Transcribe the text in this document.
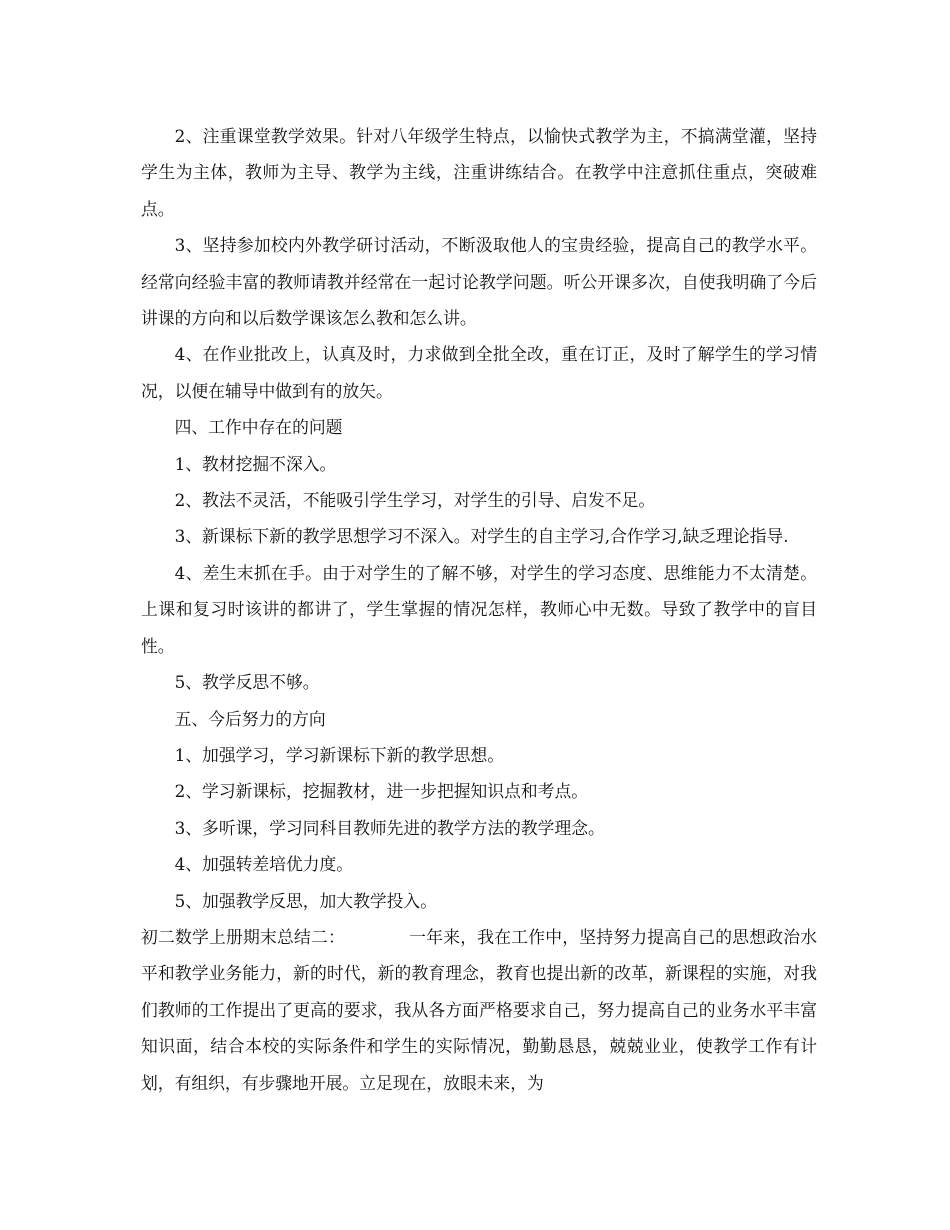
2、注重课堂教学效果。针对八年级学生特点，以愉快式教学为主，不搞满堂灌，坚持学生为主体，教师为主导、教学为主线，注重讲练结合。在教学中注意抓住重点，突破难点。

3、坚持参加校内外教学研讨活动，不断汲取他人的宝贵经验，提高自己的教学水平。经常向经验丰富的教师请教并经常在一起讨论教学问题。听公开课多次，自使我明确了今后讲课的方向和以后数学课该怎么教和怎么讲。

4、在作业批改上，认真及时，力求做到全批全改，重在订正，及时了解学生的学习情况，以便在辅导中做到有的放矢。

四、工作中存在的问题

1、教材挖掘不深入。

2、教法不灵活，不能吸引学生学习，对学生的引导、启发不足。

3、新课标下新的教学思想学习不深入。对学生的自主学习,合作学习,缺乏理论指导.

4、差生末抓在手。由于对学生的了解不够，对学生的学习态度、思维能力不太清楚。上课和复习时该讲的都讲了，学生掌握的情况怎样，教师心中无数。导致了教学中的盲目性。

5、教学反思不够。

五、今后努力的方向

1、加强学习，学习新课标下新的教学思想。

2、学习新课标，挖掘教材，进一步把握知识点和考点。

3、多听课，学习同科目教师先进的教学方法的教学理念。

4、加强转差培优力度。

5、加强教学反思，加大教学投入。

初二数学上册期末总结二：	一年来，我在工作中，坚持努力提高自己的思想政治水平和教学业务能力，新的时代，新的教育理念，教育也提出新的改革，新课程的实施，对我们教师的工作提出了更高的要求，我从各方面严格要求自己，努力提高自己的业务水平丰富知识面，结合本校的实际条件和学生的实际情况，勤勤恳恳，兢兢业业，使教学工作有计划，有组织，有步骤地开展。立足现在，放眼未来，为
